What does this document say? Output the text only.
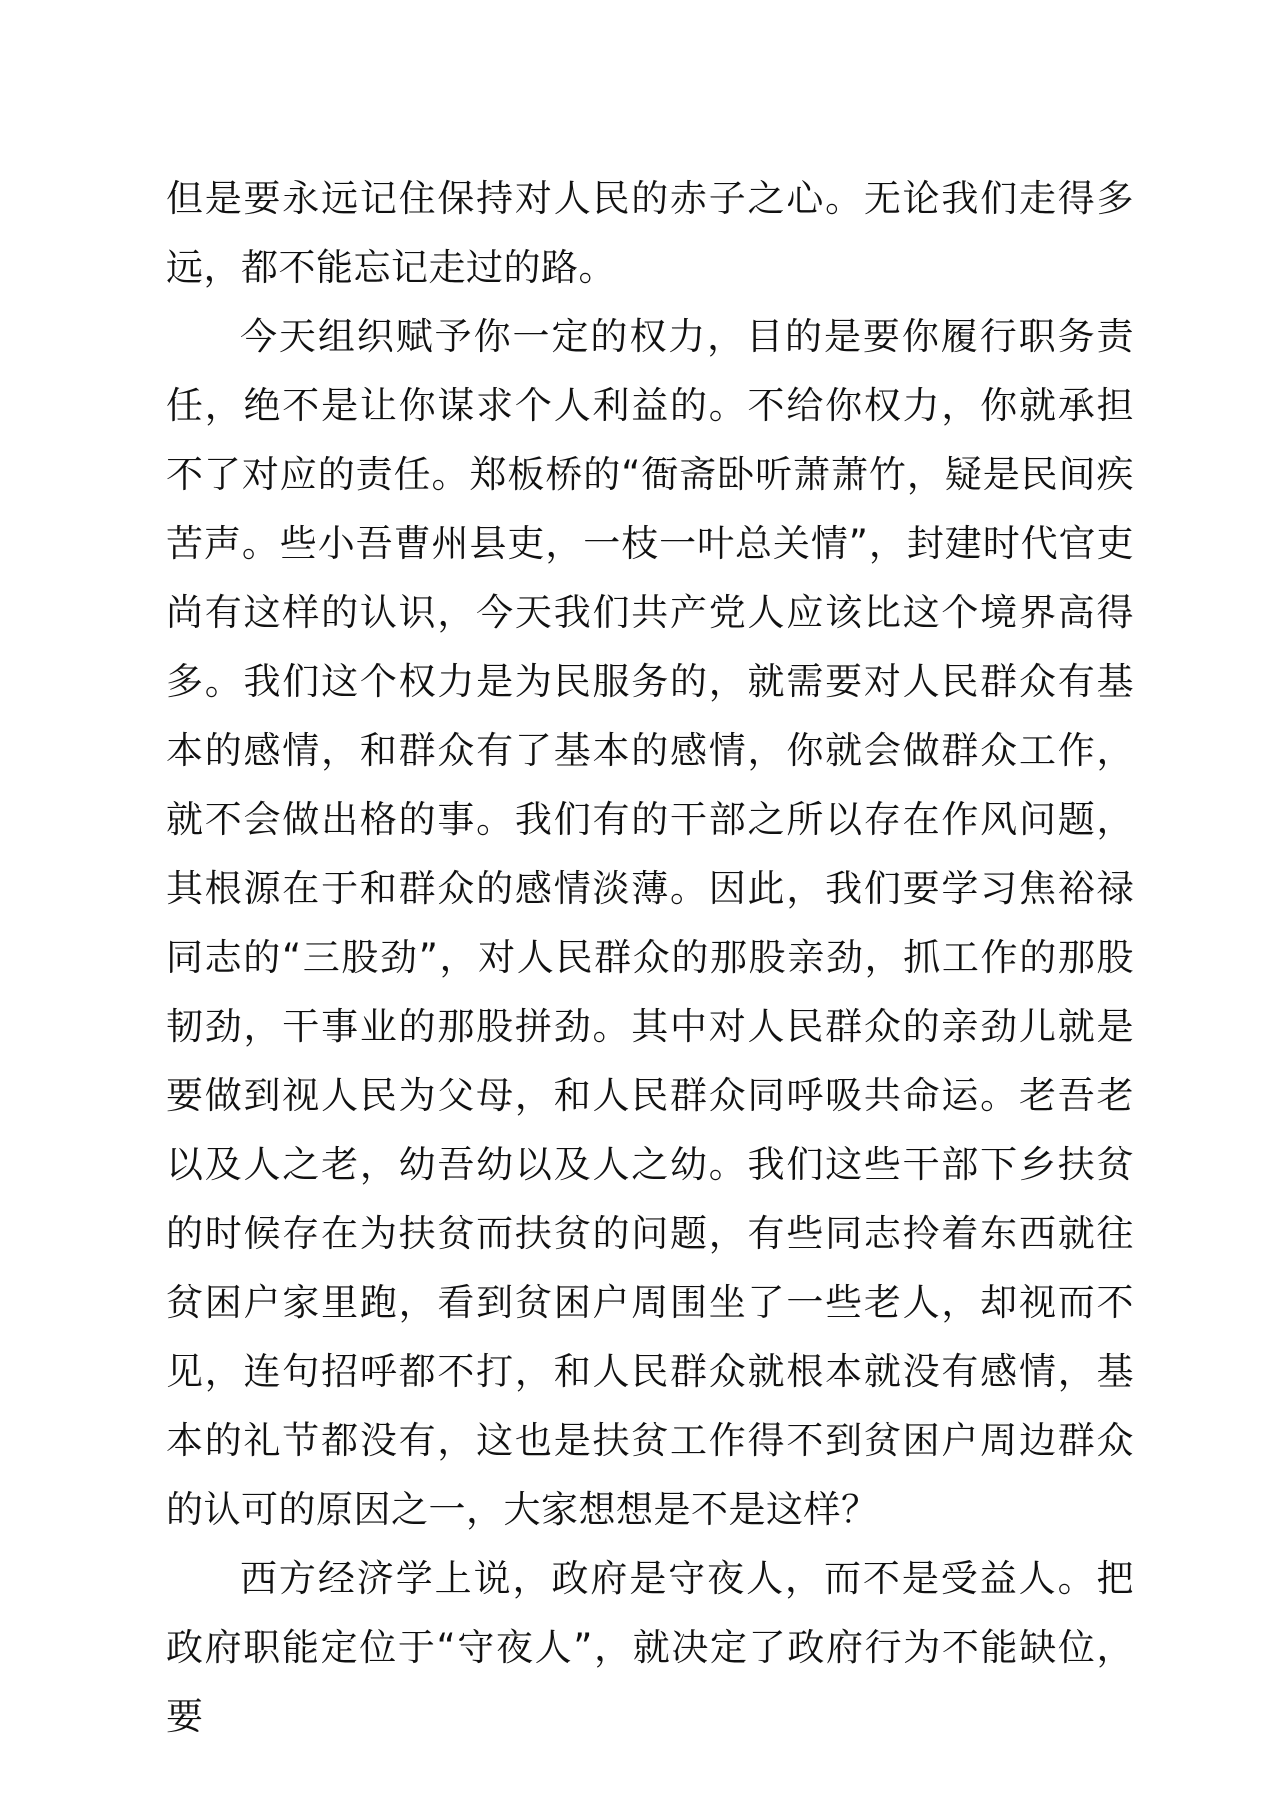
但是要永远记住保持对人民的赤子之心。无论我们走得多远，都不能忘记走过的路。

今天组织赋予你一定的权力，目的是要你履行职务责任，绝不是让你谋求个人利益的。不给你权力，你就承担不了对应的责任。郑板桥的“衙斋卧听萧萧竹，疑是民间疾苦声。些小吾曹州县吏，一枝一叶总关情”，封建时代官吏尚有这样的认识，今天我们共产党人应该比这个境界高得多。我们这个权力是为民服务的，就需要对人民群众有基本的感情，和群众有了基本的感情，你就会做群众工作，就不会做出格的事。我们有的干部之所以存在作风问题，其根源在于和群众的感情淡薄。因此，我们要学习焦裕禄同志的“三股劲”，对人民群众的那股亲劲，抓工作的那股韧劲，干事业的那股拼劲。其中对人民群众的亲劲儿就是要做到视人民为父母，和人民群众同呼吸共命运。老吾老以及人之老，幼吾幼以及人之幼。我们这些干部下乡扶贫的时候存在为扶贫而扶贫的问题，有些同志拎着东西就往贫困户家里跑，看到贫困户周围坐了一些老人，却视而不见，连句招呼都不打，和人民群众就根本就没有感情，基本的礼节都没有，这也是扶贫工作得不到贫困户周边群众的认可的原因之一，大家想想是不是这样？

西方经济学上说，政府是守夜人，而不是受益人。把政府职能定位于“守夜人”，就决定了政府行为不能缺位，要
